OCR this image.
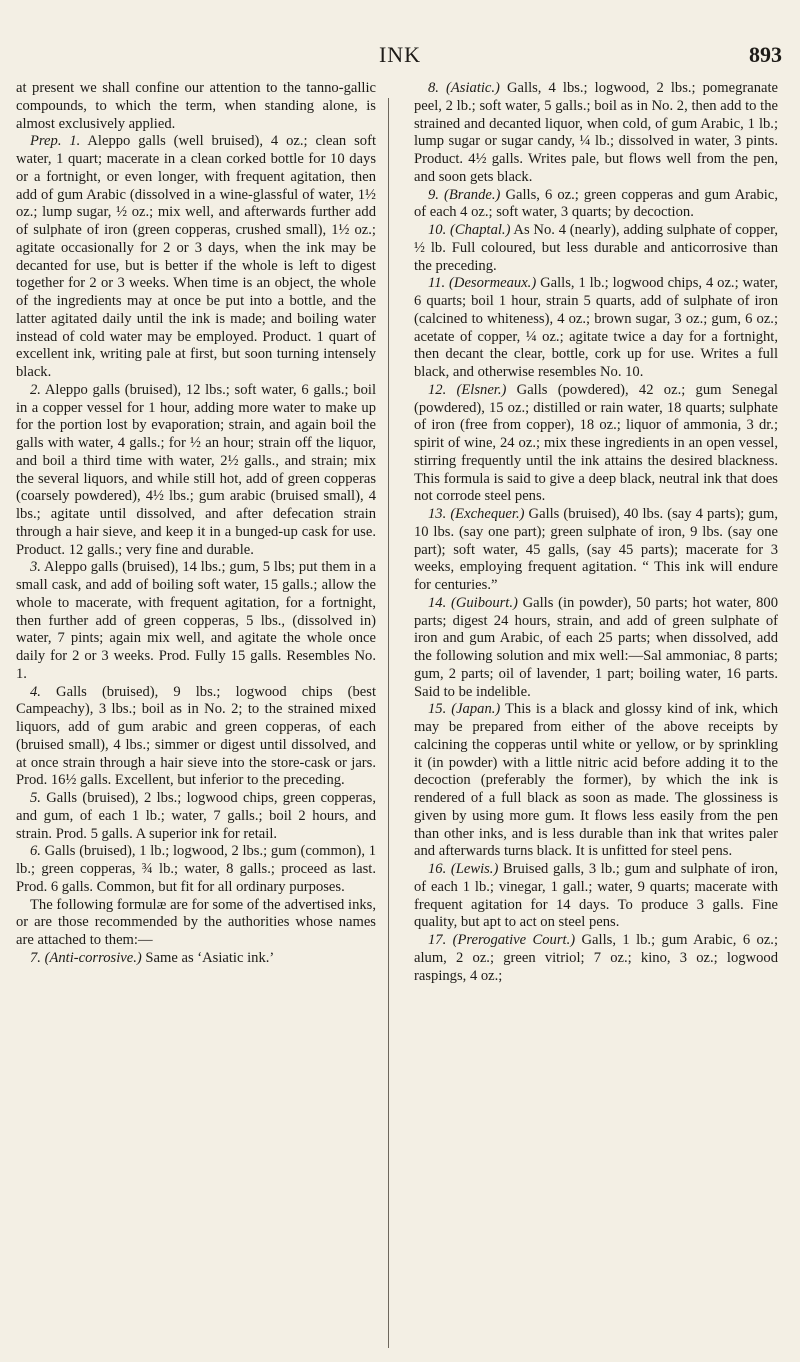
INK	893

at present we shall confine our attention to the tanno-gallic compounds, to which the term, when standing alone, is almost exclusively applied.

Prep. 1. Aleppo galls (well bruised), 4 oz.; clean soft water, 1 quart; macerate in a clean corked bottle for 10 days or a fortnight, or even longer, with frequent agitation, then add of gum Arabic (dissolved in a wine-glassful of water, 1½ oz.; lump sugar, ½ oz.; mix well, and afterwards further add of sulphate of iron (green copperas, crushed small), 1½ oz.; agitate occasionally for 2 or 3 days, when the ink may be decanted for use, but is better if the whole is left to digest together for 2 or 3 weeks. When time is an object, the whole of the ingredients may at once be put into a bottle, and the latter agitated daily until the ink is made; and boiling water instead of cold water may be employed. Product. 1 quart of excellent ink, writing pale at first, but soon turning intensely black.

2. Aleppo galls (bruised), 12 lbs.; soft water, 6 galls.; boil in a copper vessel for 1 hour, adding more water to make up for the portion lost by evaporation; strain, and again boil the galls with water, 4 galls.; for ½ an hour; strain off the liquor, and boil a third time with water, 2½ galls., and strain; mix the several liquors, and while still hot, add of green copperas (coarsely powdered), 4½ lbs.; gum arabic (bruised small), 4 lbs.; agitate until dissolved, and after defecation strain through a hair sieve, and keep it in a bunged-up cask for use. Product. 12 galls.; very fine and durable.

3. Aleppo galls (bruised), 14 lbs.; gum, 5 lbs; put them in a small cask, and add of boiling soft water, 15 galls.; allow the whole to macerate, with frequent agitation, for a fortnight, then further add of green copperas, 5 lbs., (dissolved in) water, 7 pints; again mix well, and agitate the whole once daily for 2 or 3 weeks. Prod. Fully 15 galls. Resembles No. 1.

4. Galls (bruised), 9 lbs.; logwood chips (best Campeachy), 3 lbs.; boil as in No. 2; to the strained mixed liquors, add of gum arabic and green copperas, of each (bruised small), 4 lbs.; simmer or digest until dissolved, and at once strain through a hair sieve into the store-cask or jars. Prod. 16½ galls. Excellent, but inferior to the preceding.

5. Galls (bruised), 2 lbs.; logwood chips, green copperas, and gum, of each 1 lb.; water, 7 galls.; boil 2 hours, and strain. Prod. 5 galls. A superior ink for retail.

6. Galls (bruised), 1 lb.; logwood, 2 lbs.; gum (common), 1 lb.; green copperas, ¾ lb.; water, 8 galls.; proceed as last. Prod. 6 galls. Common, but fit for all ordinary purposes.

The following formulæ are for some of the advertised inks, or are those recommended by the authorities whose names are attached to them:—

7. (Anti-corrosive.) Same as ‘Asiatic ink.’

8. (Asiatic.) Galls, 4 lbs.; logwood, 2 lbs.; pomegranate peel, 2 lb.; soft water, 5 galls.; boil as in No. 2, then add to the strained and decanted liquor, when cold, of gum Arabic, 1 lb.; lump sugar or sugar candy, ¼ lb.; dissolved in water, 3 pints. Product. 4½ galls. Writes pale, but flows well from the pen, and soon gets black.

9. (Brande.) Galls, 6 oz.; green copperas and gum Arabic, of each 4 oz.; soft water, 3 quarts; by decoction.

10. (Chaptal.) As No. 4 (nearly), adding sulphate of copper, ½ lb. Full coloured, but less durable and anticorrosive than the preceding.

11. (Desormeaux.) Galls, 1 lb.; logwood chips, 4 oz.; water, 6 quarts; boil 1 hour, strain 5 quarts, add of sulphate of iron (calcined to whiteness), 4 oz.; brown sugar, 3 oz.; gum, 6 oz.; acetate of copper, ¼ oz.; agitate twice a day for a fortnight, then decant the clear, bottle, cork up for use. Writes a full black, and otherwise resembles No. 10.

12. (Elsner.) Galls (powdered), 42 oz.; gum Senegal (powdered), 15 oz.; distilled or rain water, 18 quarts; sulphate of iron (free from copper), 18 oz.; liquor of ammonia, 3 dr.; spirit of wine, 24 oz.; mix these ingredients in an open vessel, stirring frequently until the ink attains the desired blackness. This formula is said to give a deep black, neutral ink that does not corrode steel pens.

13. (Exchequer.) Galls (bruised), 40 lbs. (say 4 parts); gum, 10 lbs. (say one part); green sulphate of iron, 9 lbs. (say one part); soft water, 45 galls, (say 45 parts); macerate for 3 weeks, employing frequent agitation. “ This ink will endure for centuries.”

14. (Guibourt.) Galls (in powder), 50 parts; hot water, 800 parts; digest 24 hours, strain, and add of green sulphate of iron and gum Arabic, of each 25 parts; when dissolved, add the following solution and mix well:—Sal ammoniac, 8 parts; gum, 2 parts; oil of lavender, 1 part; boiling water, 16 parts. Said to be indelible.

15. (Japan.) This is a black and glossy kind of ink, which may be prepared from either of the above receipts by calcining the copperas until white or yellow, or by sprinkling it (in powder) with a little nitric acid before adding it to the decoction (preferably the former), by which the ink is rendered of a full black as soon as made. The glossiness is given by using more gum. It flows less easily from the pen than other inks, and is less durable than ink that writes paler and afterwards turns black. It is unfitted for steel pens.

16. (Lewis.) Bruised galls, 3 lb.; gum and sulphate of iron, of each 1 lb.; vinegar, 1 gall.; water, 9 quarts; macerate with frequent agitation for 14 days. To produce 3 galls. Fine quality, but apt to act on steel pens.

17. (Prerogative Court.) Galls, 1 lb.; gum Arabic, 6 oz.; alum, 2 oz.; green vitriol; 7 oz.; kino, 3 oz.; logwood raspings, 4 oz.;
